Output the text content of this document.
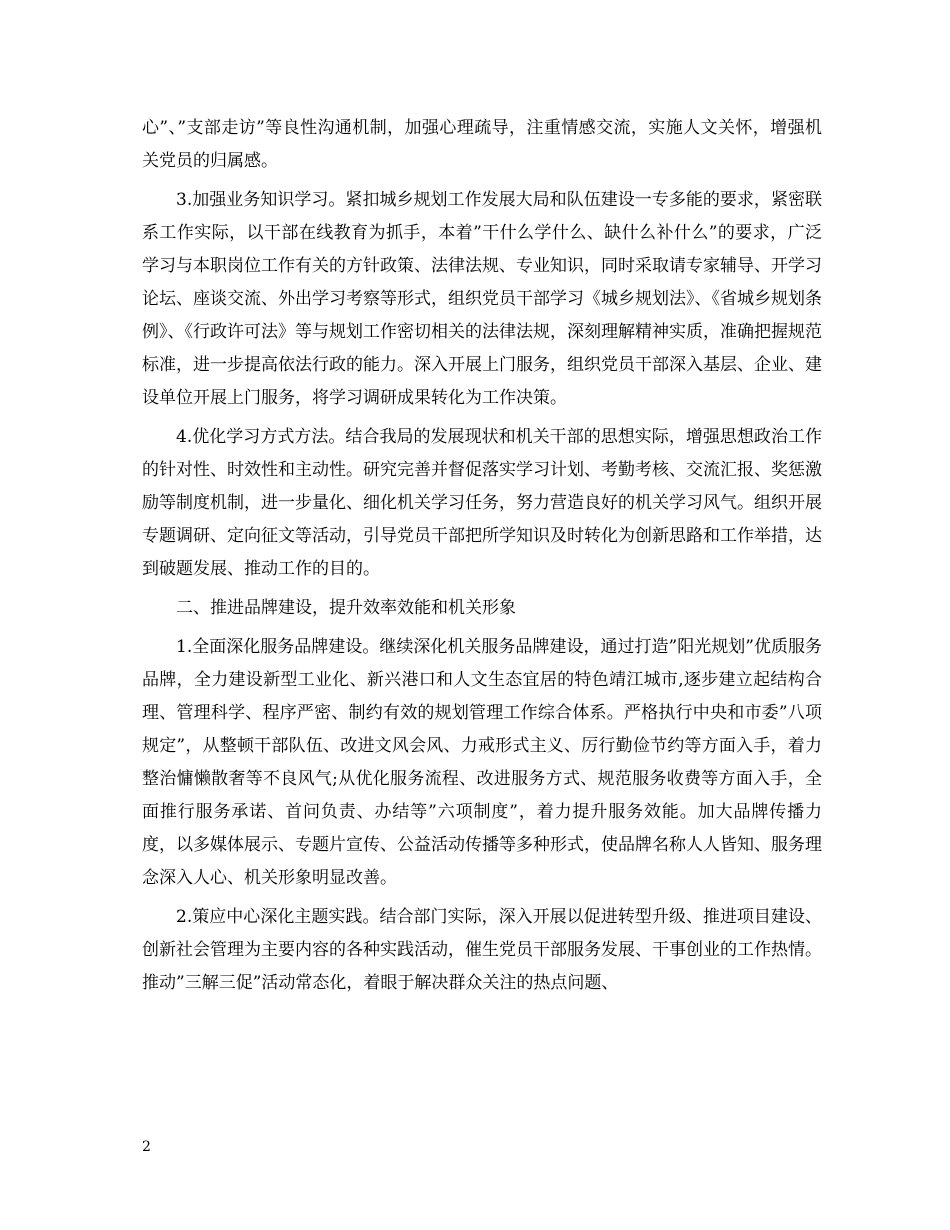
心”、”支部走访”等良性沟通机制，加强心理疏导，注重情感交流，实施人文关怀，增强机关党员的归属感。

3.加强业务知识学习。紧扣城乡规划工作发展大局和队伍建设一专多能的要求，紧密联系工作实际，以干部在线教育为抓手，本着”干什么学什么、缺什么补什么”的要求，广泛学习与本职岗位工作有关的方针政策、法律法规、专业知识，同时采取请专家辅导、开学习论坛、座谈交流、外出学习考察等形式，组织党员干部学习《城乡规划法》、《省城乡规划条例》、《行政许可法》等与规划工作密切相关的法律法规，深刻理解精神实质，准确把握规范标准，进一步提高依法行政的能力。深入开展上门服务，组织党员干部深入基层、企业、建设单位开展上门服务，将学习调研成果转化为工作决策。

4.优化学习方式方法。结合我局的发展现状和机关干部的思想实际，增强思想政治工作的针对性、时效性和主动性。研究完善并督促落实学习计划、考勤考核、交流汇报、奖惩激励等制度机制，进一步量化、细化机关学习任务，努力营造良好的机关学习风气。组织开展专题调研、定向征文等活动，引导党员干部把所学知识及时转化为创新思路和工作举措，达到破题发展、推动工作的目的。

二、推进品牌建设，提升效率效能和机关形象

1.全面深化服务品牌建设。继续深化机关服务品牌建设，通过打造”阳光规划”优质服务品牌，全力建设新型工业化、新兴港口和人文生态宜居的特色靖江城市,逐步建立起结构合理、管理科学、程序严密、制约有效的规划管理工作综合体系。严格执行中央和市委”八项规定”，从整顿干部队伍、改进文风会风、力戒形式主义、厉行勤俭节约等方面入手，着力整治慵懒散奢等不良风气;从优化服务流程、改进服务方式、规范服务收费等方面入手，全面推行服务承诺、首问负责、办结等”六项制度”，着力提升服务效能。加大品牌传播力度，以多媒体展示、专题片宣传、公益活动传播等多种形式，使品牌名称人人皆知、服务理念深入人心、机关形象明显改善。

2.策应中心深化主题实践。结合部门实际，深入开展以促进转型升级、推进项目建设、创新社会管理为主要内容的各种实践活动，催生党员干部服务发展、干事创业的工作热情。推动”三解三促”活动常态化，着眼于解决群众关注的热点问题、

2
